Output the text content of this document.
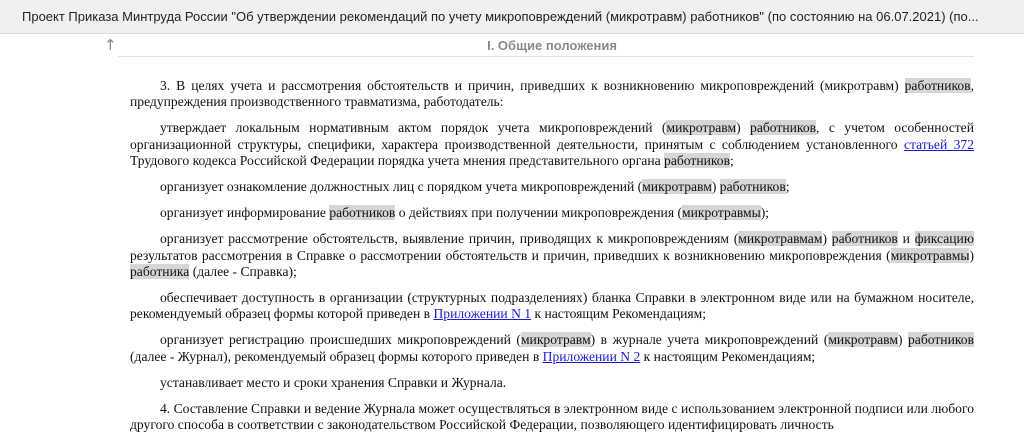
Проект Приказа Минтруда России "Об утверждении рекомендаций по учету микроповреждений (микротравм) работников" (по состоянию на 06.07.2021) (по...
↑	I. Общие положения

3. В целях учета и рассмотрения обстоятельств и причин, приведших к возникновению микроповреждений (микротравм) работников, предупреждения производственного травматизма, работодатель:

утверждает локальным нормативным актом порядок учета микроповреждений (микротравм) работников, с учетом особенностей организационной структуры, специфики, характера производственной деятельности, принятым с соблюдением установленного статьей 372 Трудового кодекса Российской Федерации порядка учета мнения представительного органа работников;

организует ознакомление должностных лиц с порядком учета микроповреждений (микротравм) работников;

организует информирование работников о действиях при получении микроповреждения (микротравмы);

организует рассмотрение обстоятельств, выявление причин, приводящих к микроповреждениям (микротравмам) работников и фиксацию результатов рассмотрения в Справке о рассмотрении обстоятельств и причин, приведших к возникновению микроповреждения (микротравмы) работника (далее - Справка);

обеспечивает доступность в организации (структурных подразделениях) бланка Справки в электронном виде или на бумажном носителе, рекомендуемый образец формы которой приведен в Приложении N 1 к настоящим Рекомендациям;

организует регистрацию происшедших микроповреждений (микротравм) в журнале учета микроповреждений (микротравм) работников (далее - Журнал), рекомендуемый образец формы которого приведен в Приложении N 2 к настоящим Рекомендациям;

устанавливает место и сроки хранения Справки и Журнала.

4. Составление Справки и ведение Журнала может осуществляться в электронном виде с использованием электронной подписи или любого другого способа в соответствии с законодательством Российской Федерации, позволяющего идентифицировать личность
